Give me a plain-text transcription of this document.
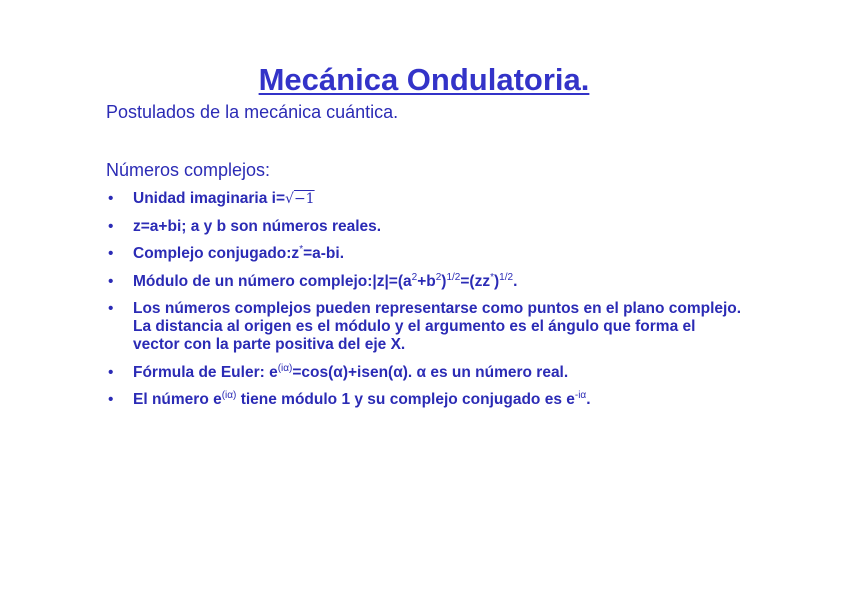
Mecánica Ondulatoria.
Postulados de la mecánica cuántica.
Números complejos:
• Unidad imaginaria i=√−1
• z=a+bi; a y b son números reales.
• Complejo conjugado:z*=a-bi.
• Módulo de un número $complejo:|z|=(a^2+b^2)^{1/2}=(zz^*)^{1/2}$.
• Los números complejos pueden representarse como puntos en el plano complejo. La distancia al origen es el módulo y el argumento es el ángulo que forma el vector con la parte positiva del eje X.
• Fórmula de Euler: $e^{(i\alpha)}=\cos(\alpha)+isen(\alpha)$. α es un número real.
• El número $e^{(i\alpha)}$ tiene módulo 1 y su complejo conjugado es $e^{-i\alpha}$.
